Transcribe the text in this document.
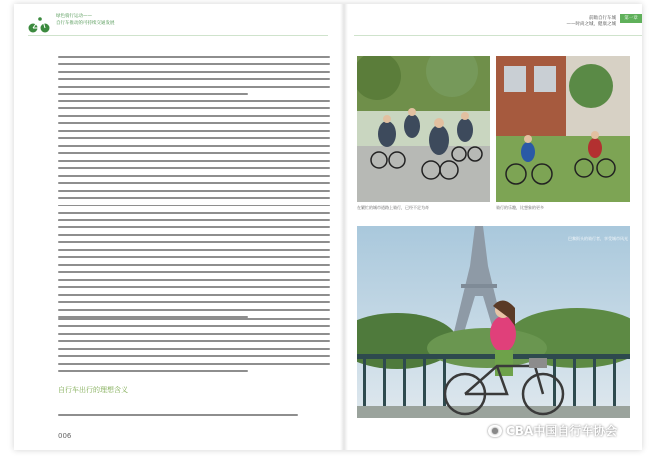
绿色骑行运动——
自行车推动的可持续交通发展
前瞻自行车城
——时尚之城，健康之城
第一章
自行车出行的理想含义
006
在繁忙的城市道路上骑行，已经不足为奇	骑行的乐趣，比想象的更多
巴黎街头的骑行者，享受城市风光
● CBA中国自行车协会
